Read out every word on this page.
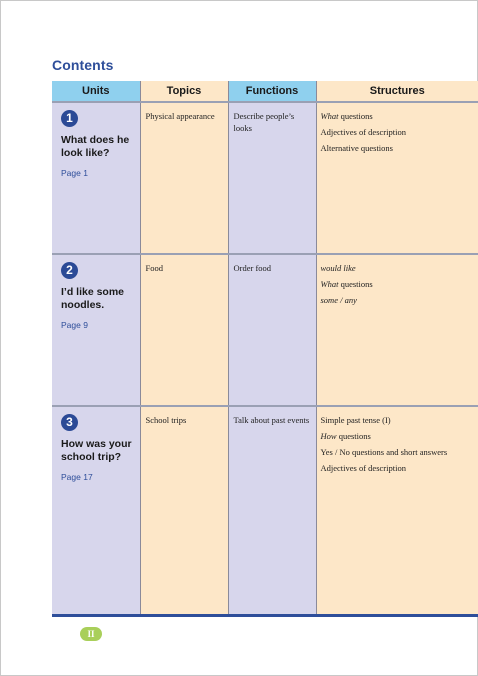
Contents
Units	Topics	Functions	Structures

1
What does he look like?
Page 1	Physical appearance	Describe people’s looks	What questions
Adjectives of description
Alternative questions

2
I’d like some noodles.
Page 9	Food	Order food	would like
What questions
some / any

3
How was your school trip?
Page 17	School trips	Talk about past events	Simple past tense (I)
How questions
Yes / No questions and short answers
Adjectives of description
II
